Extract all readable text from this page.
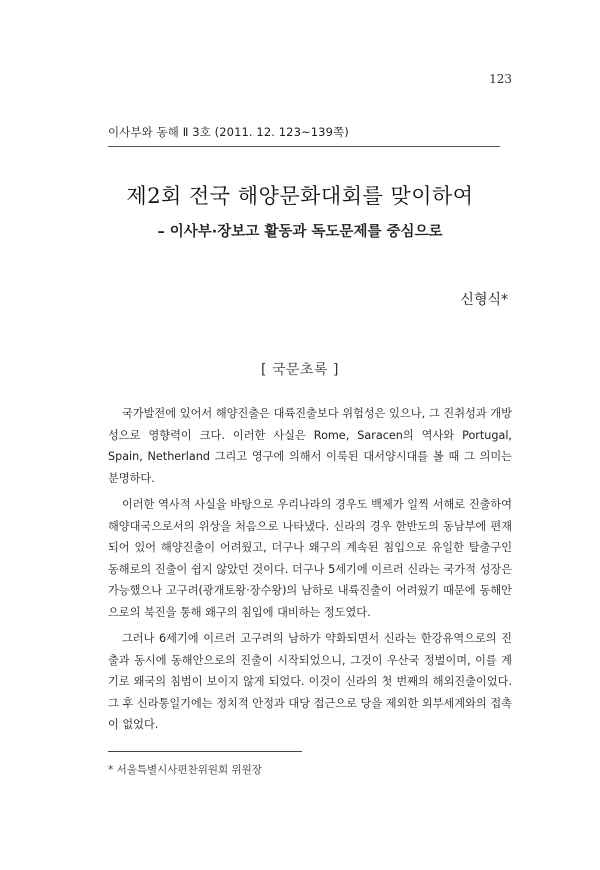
123
이사부와 동해 Ⅱ 3호 (2011. 12. 123~139쪽)
제2회 전국 해양문화대회를 맞이하여
– 이사부·장보고 활동과 독도문제를 중심으로
신형식*
[ 국문초록 ]

국가발전에 있어서 해양진출은 대륙진출보다 위험성은 있으나, 그 진취성과 개방성으로 영향력이 크다. 이러한 사실은 Rome, Saracen의 역사와 Portugal, Spain, Netherland 그리고 영구에 의해서 이룩된 대서양시대를 볼 때 그 의미는 분명하다.

이러한 역사적 사실을 바탕으로 우리나라의 경우도 백제가 일찍 서해로 진출하여 해양대국으로서의 위상을 처음으로 나타냈다. 신라의 경우 한반도의 동남부에 편재되어 있어 해양진출이 어려웠고, 더구나 왜구의 계속된 침입으로 유일한 탈출구인 동해로의 진출이 쉽지 않았던 것이다. 더구나 5세기에 이르러 신라는 국가적 성장은 가능했으나 고구려(광개토왕·장수왕)의 남하로 내륙진출이 어려웠기 때문에 동해안으로의 북진을 통해 왜구의 침입에 대비하는 정도였다.

그러나 6세기에 이르러 고구려의 남하가 약화되면서 신라는 한강유역으로의 진출과 동시에 동해안으로의 진출이 시작되었으니, 그것이 우산국 정벌이며, 이를 계기로 왜국의 침범이 보이지 않게 되었다. 이것이 신라의 첫 번째의 해외진출이었다. 그 후 신라통일기에는 정치적 안정과 대당 접근으로 당을 제외한 외부세계와의 접촉이 없었다.

* 서울특별시사편찬위원회 위원장
